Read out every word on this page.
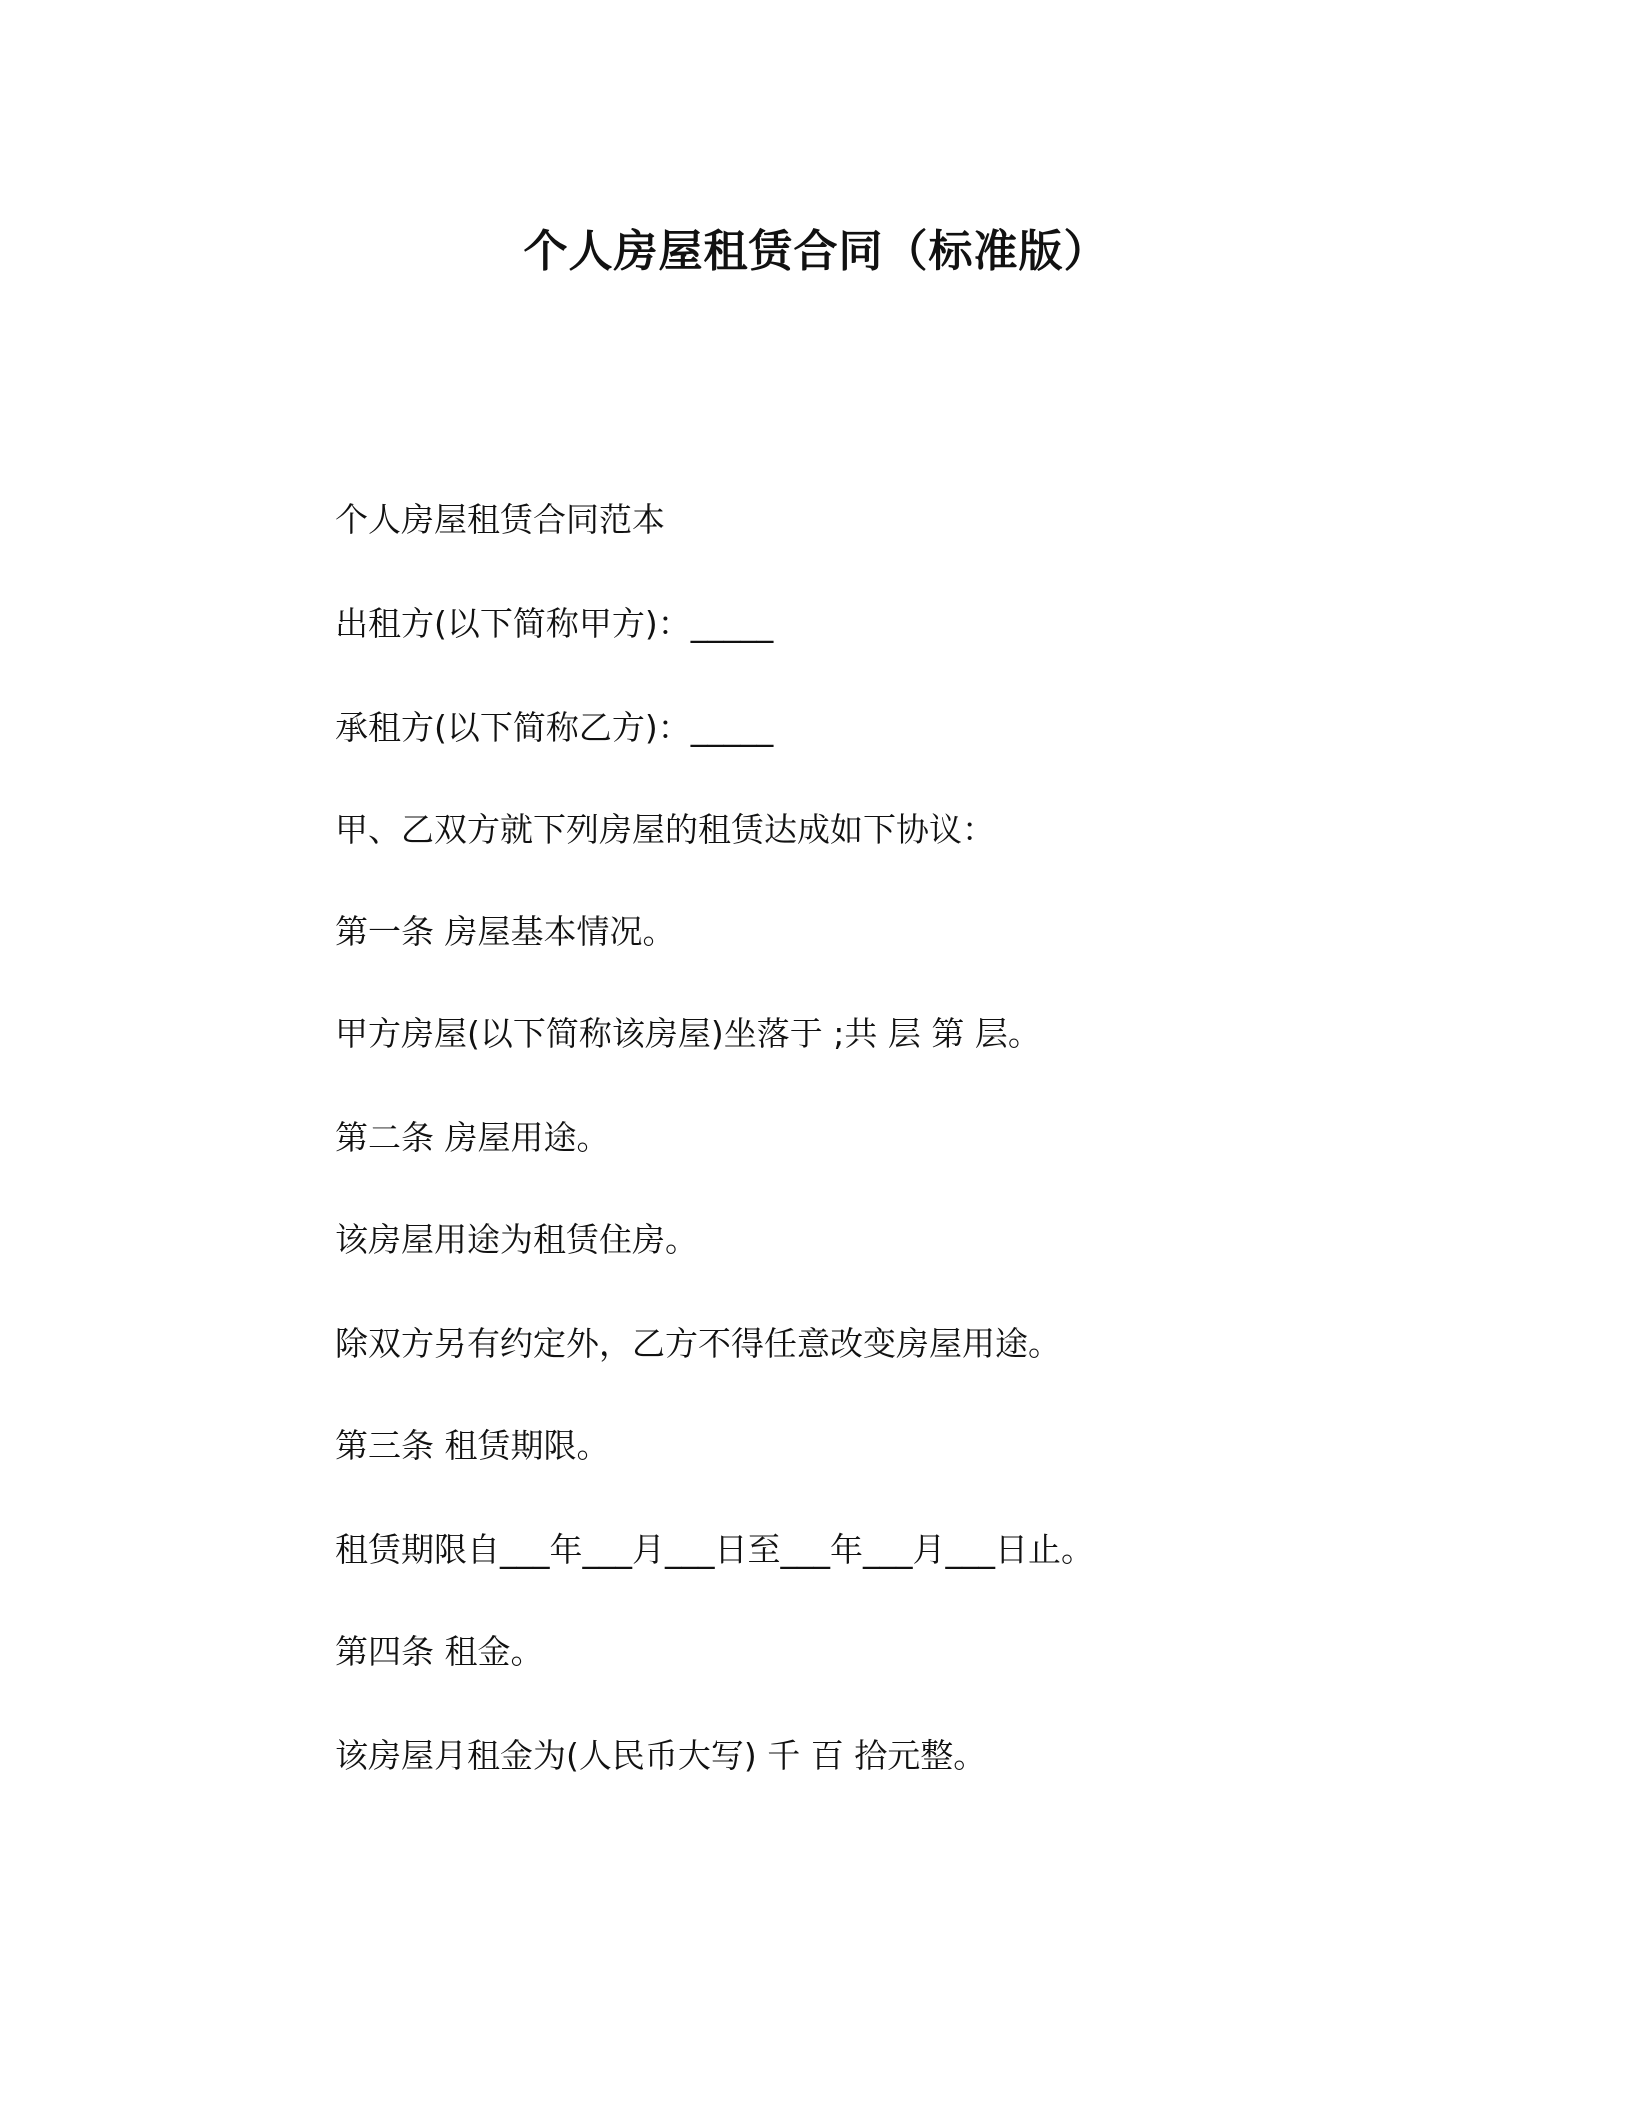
个人房屋租赁合同（标准版）
个人房屋租赁合同范本
出租方(以下简称甲方)：_____
承租方(以下简称乙方)：_____
甲、乙双方就下列房屋的租赁达成如下协议：
第一条 房屋基本情况。
甲方房屋(以下简称该房屋)坐落于 ;共 层 第 层。
第二条 房屋用途。
该房屋用途为租赁住房。
除双方另有约定外，乙方不得任意改变房屋用途。
第三条 租赁期限。
租赁期限自___年___月___日至___年___月___日止。
第四条 租金。
该房屋月租金为(人民币大写) 千 百 拾元整。
